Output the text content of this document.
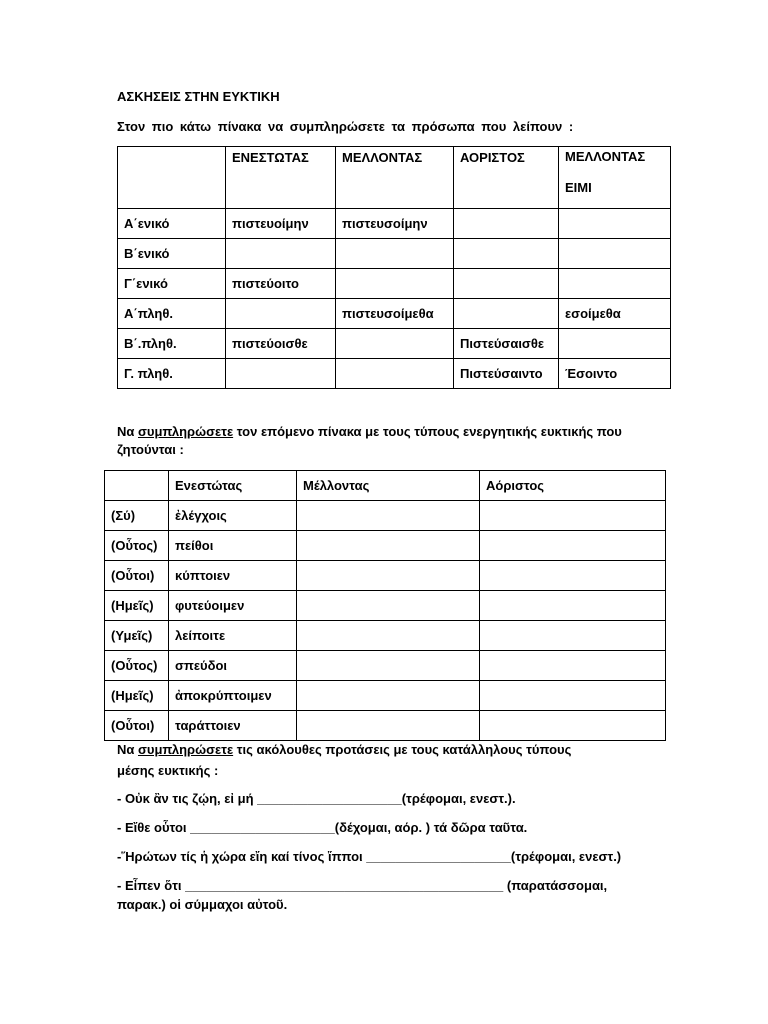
ΑΣΚΗΣΕΙΣ ΣΤΗΝ ΕΥΚΤΙΚΗ
Στον πιο κάτω πίνακα να συμπληρώσετε τα πρόσωπα που λείπουν :
	ΕΝΕΣΤΩΤΑΣ	ΜΕΛΛΟΝΤΑΣ	ΑΟΡΙΣΤΟΣ	ΜΕΛΛΟΝΤΑΣ
ΕΙΜΙ

Α΄ενικό	πιστευοίμην	πιστευσοίμην		
Β΄ενικό				
Γ΄ενικό	πιστεύοιτο			
Α΄πληθ.		πιστευσοίμεθα		εσοίμεθα
Β΄.πληθ.	πιστεύοισθε		Πιστεύσαισθε	
Γ. πληθ.			Πιστεύσαιντο	Έσοιντο
Να συμπληρώσετε τον επόμενο πίνακα με τους τύπους ενεργητικής ευκτικής που
ζητούνται :
	Ενεστώτας	Μέλλοντας	Αόριστος
(Σύ)	ἐλέγχοις		
(Οὗτος)	πείθοι		
(Οὗτοι)	κύπτοιεν		
(Ημεῖς)	φυτεύοιμεν		
(Υμεῖς)	λείποιτε		
(Οὗτος)	σπεύδοι		
(Ημεῖς)	ἀποκρύπτοιμεν		
(Οὗτοι)	ταράττοιεν		
Να συμπληρώσετε τις ακόλουθες προτάσεις με τους κατάλληλους τύπους
μέσης ευκτικής :
- Οὐκ ἂν τις ζῴη, εἰ μή ____________________(τρέφομαι, ενεστ.).
- Εἴθε οὗτοι ____________________(δέχομαι, αόρ. ) τά δῶρα ταῦτα.
-Ἥρώτων τίς ἡ χώρα εἴη καί τίνος ἵπποι ____________________(τρέφομαι, ενεστ.)
- Εἶπεν ὅτι ____________________________________________ (παρατάσσομαι,
παρακ.) οἱ σύμμαχοι αὐτοῦ.
